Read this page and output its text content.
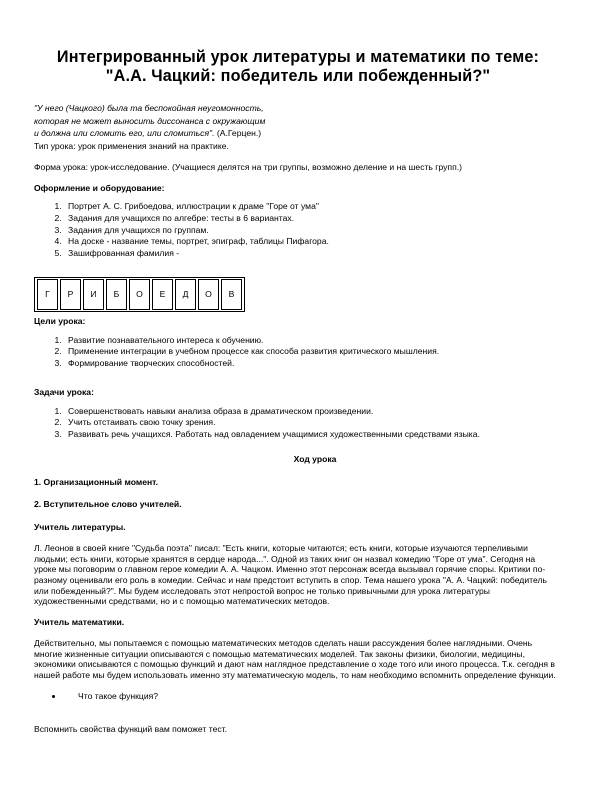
Интегрированный урок литературы и математики по теме: "А.А. Чацкий: победитель или побежденный?"

"У него (Чацкого) была та беспокойная неугомонность,

которая не может выносить диссонанса с окружающим

и должна или сломить его, или сломиться". (А.Герцен.)

Тип урока: урок применения знаний на практике.

Форма урока: урок-исследование. (Учащиеся делятся на три группы, возможно деление и на шесть групп.)

Оформление и оборудование:

1. Портрет А. С. Грибоедова, иллюстрации к драме "Горе от ума"
2. Задания для учащихся по алгебре: тесты в 6 вариантах.
3. Задания для учащихся по группам.
4. На доске - название темы, портрет, эпиграф, таблицы Пифагора.
5. Зашифрованная фамилия -
Г	Р	И	Б	О	Е	Д	О	В

Цели урока:

1. Развитие познавательного интереса к обучению.
2. Применение интеграции в учебном процессе как способа развития критического мышления.
3. Формирование творческих способностей.

Задачи урока:

1. Совершенствовать навыки анализа образа в драматическом произведении.
2. Учить отстаивать свою точку зрения.
3. Развивать речь учащихся. Работать над овладением учащимися художественными средствами языка.

Ход урока

1. Организационный момент.

2. Вступительное слово учителей.

Учитель литературы.

Л. Леонов в своей книге "Судьба поэта" писал: "Есть книги, которые читаются; есть книги, которые изучаются терпеливыми людьми; есть книги, которые хранятся в сердце народа...". Одной из таких книг он назвал комедию "Горе от ума". Сегодня на уроке мы поговорим о главном герое комедии А. А. Чацком. Именно этот персонаж всегда вызывал горячие споры. Критики по-разному оценивали его роль в комедии. Сейчас и нам предстоит вступить в спор. Тема нашего урока "А. А. Чацкий: победитель или побежденный?". Мы будем исследовать этот непростой вопрос не только привычными для урока литературы художественными средствами, но и с помощью математических методов.

Учитель математики.

Действительно, мы попытаемся с помощью математических методов сделать наши рассуждения более наглядными. Очень многие жизненные ситуации описываются с помощью математических моделей. Так законы физики, биологии, медицины, экономики описываются с помощью функций и дают нам наглядное представление о ходе того или иного процесса. Т.к. сегодня в нашей работе мы будем использовать именно эту математическую модель, то нам необходимо вспомнить определение функции.

• Что такое функция?

Вспомнить свойства функций вам поможет тест.
